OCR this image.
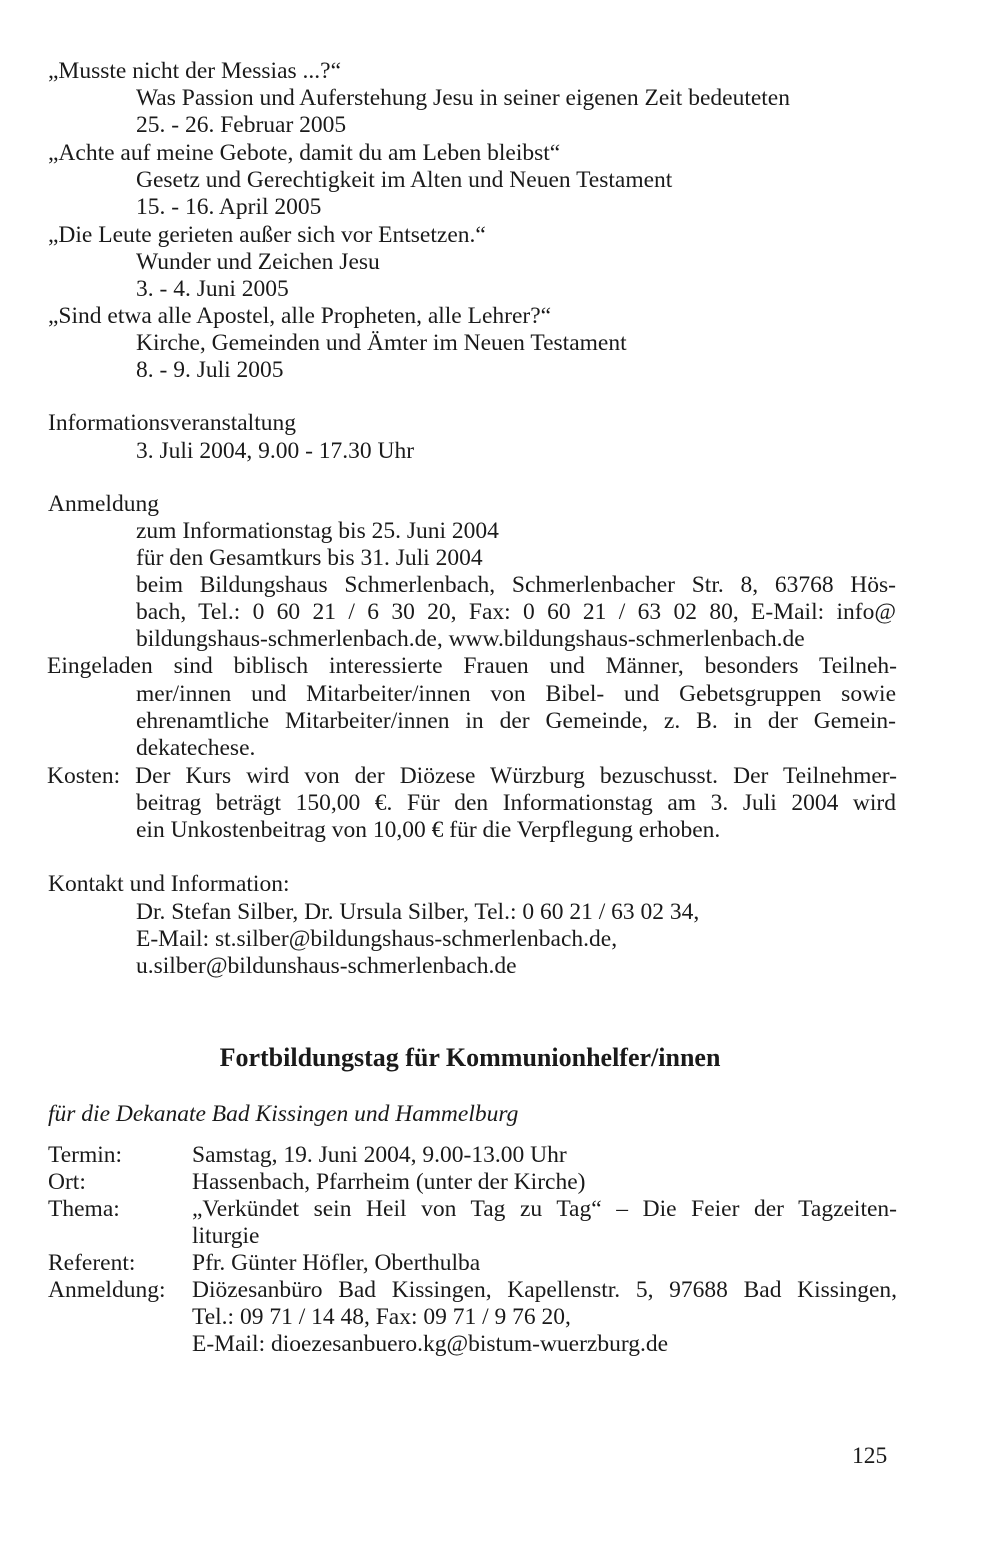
„Musste nicht der Messias ...?“
Was Passion und Auferstehung Jesu in seiner eigenen Zeit bedeuteten
25. - 26. Februar 2005
„Achte auf meine Gebote, damit du am Leben bleibst“
Gesetz und Gerechtigkeit im Alten und Neuen Testament
15. - 16. April 2005
„Die Leute gerieten außer sich vor Entsetzen.“
Wunder und Zeichen Jesu
3. - 4. Juni 2005
„Sind etwa alle Apostel, alle Propheten, alle Lehrer?“
Kirche, Gemeinden und Ämter im Neuen Testament
8. - 9. Juli 2005
Informationsveranstaltung
3. Juli 2004, 9.00 - 17.30 Uhr
Anmeldung
zum Informationstag bis 25. Juni 2004
für den Gesamtkurs bis 31. Juli 2004
beim Bildungshaus Schmerlenbach, Schmerlenbacher Str. 8, 63768 Hös-
bach, Tel.: 0 60 21 / 6 30 20, Fax: 0 60 21 / 63 02 80, E-Mail: info@
bildungshaus-schmerlenbach.de, www.bildungshaus-schmerlenbach.de
Eingeladen sind biblisch interessierte Frauen und Männer, besonders Teilneh-
mer/innen und Mitarbeiter/innen von Bibel- und Gebetsgruppen sowie
ehrenamtliche Mitarbeiter/innen in der Gemeinde, z. B. in der Gemein-
dekatechese.
Kosten: Der Kurs wird von der Diözese Würzburg bezuschusst. Der Teilnehmer-
beitrag beträgt 150,00 €. Für den Informationstag am 3. Juli 2004 wird
ein Unkostenbeitrag von 10,00 € für die Verpflegung erhoben.
Kontakt und Information:
Dr. Stefan Silber, Dr. Ursula Silber, Tel.: 0 60 21 / 63 02 34,
E-Mail: st.silber@bildungshaus-schmerlenbach.de,
u.silber@bildunshaus-schmerlenbach.de
Fortbildungstag für Kommunionhelfer/innen
für die Dekanate Bad Kissingen und Hammelburg
Termin:	Samstag, 19. Juni 2004, 9.00-13.00 Uhr
Ort:	Hassenbach, Pfarrheim (unter der Kirche)
Thema:	„Verkündet sein Heil von Tag zu Tag“ – Die Feier der Tagzeiten-
liturgie
Referent: Pfr. Günter Höfler, Oberthulba
Anmeldung: Diözesanbüro Bad Kissingen, Kapellenstr. 5, 97688 Bad Kissingen,
Tel.: 09 71 / 14 48, Fax: 09 71 / 9 76 20,
E-Mail: dioezesanbuero.kg@bistum-wuerzburg.de
125
